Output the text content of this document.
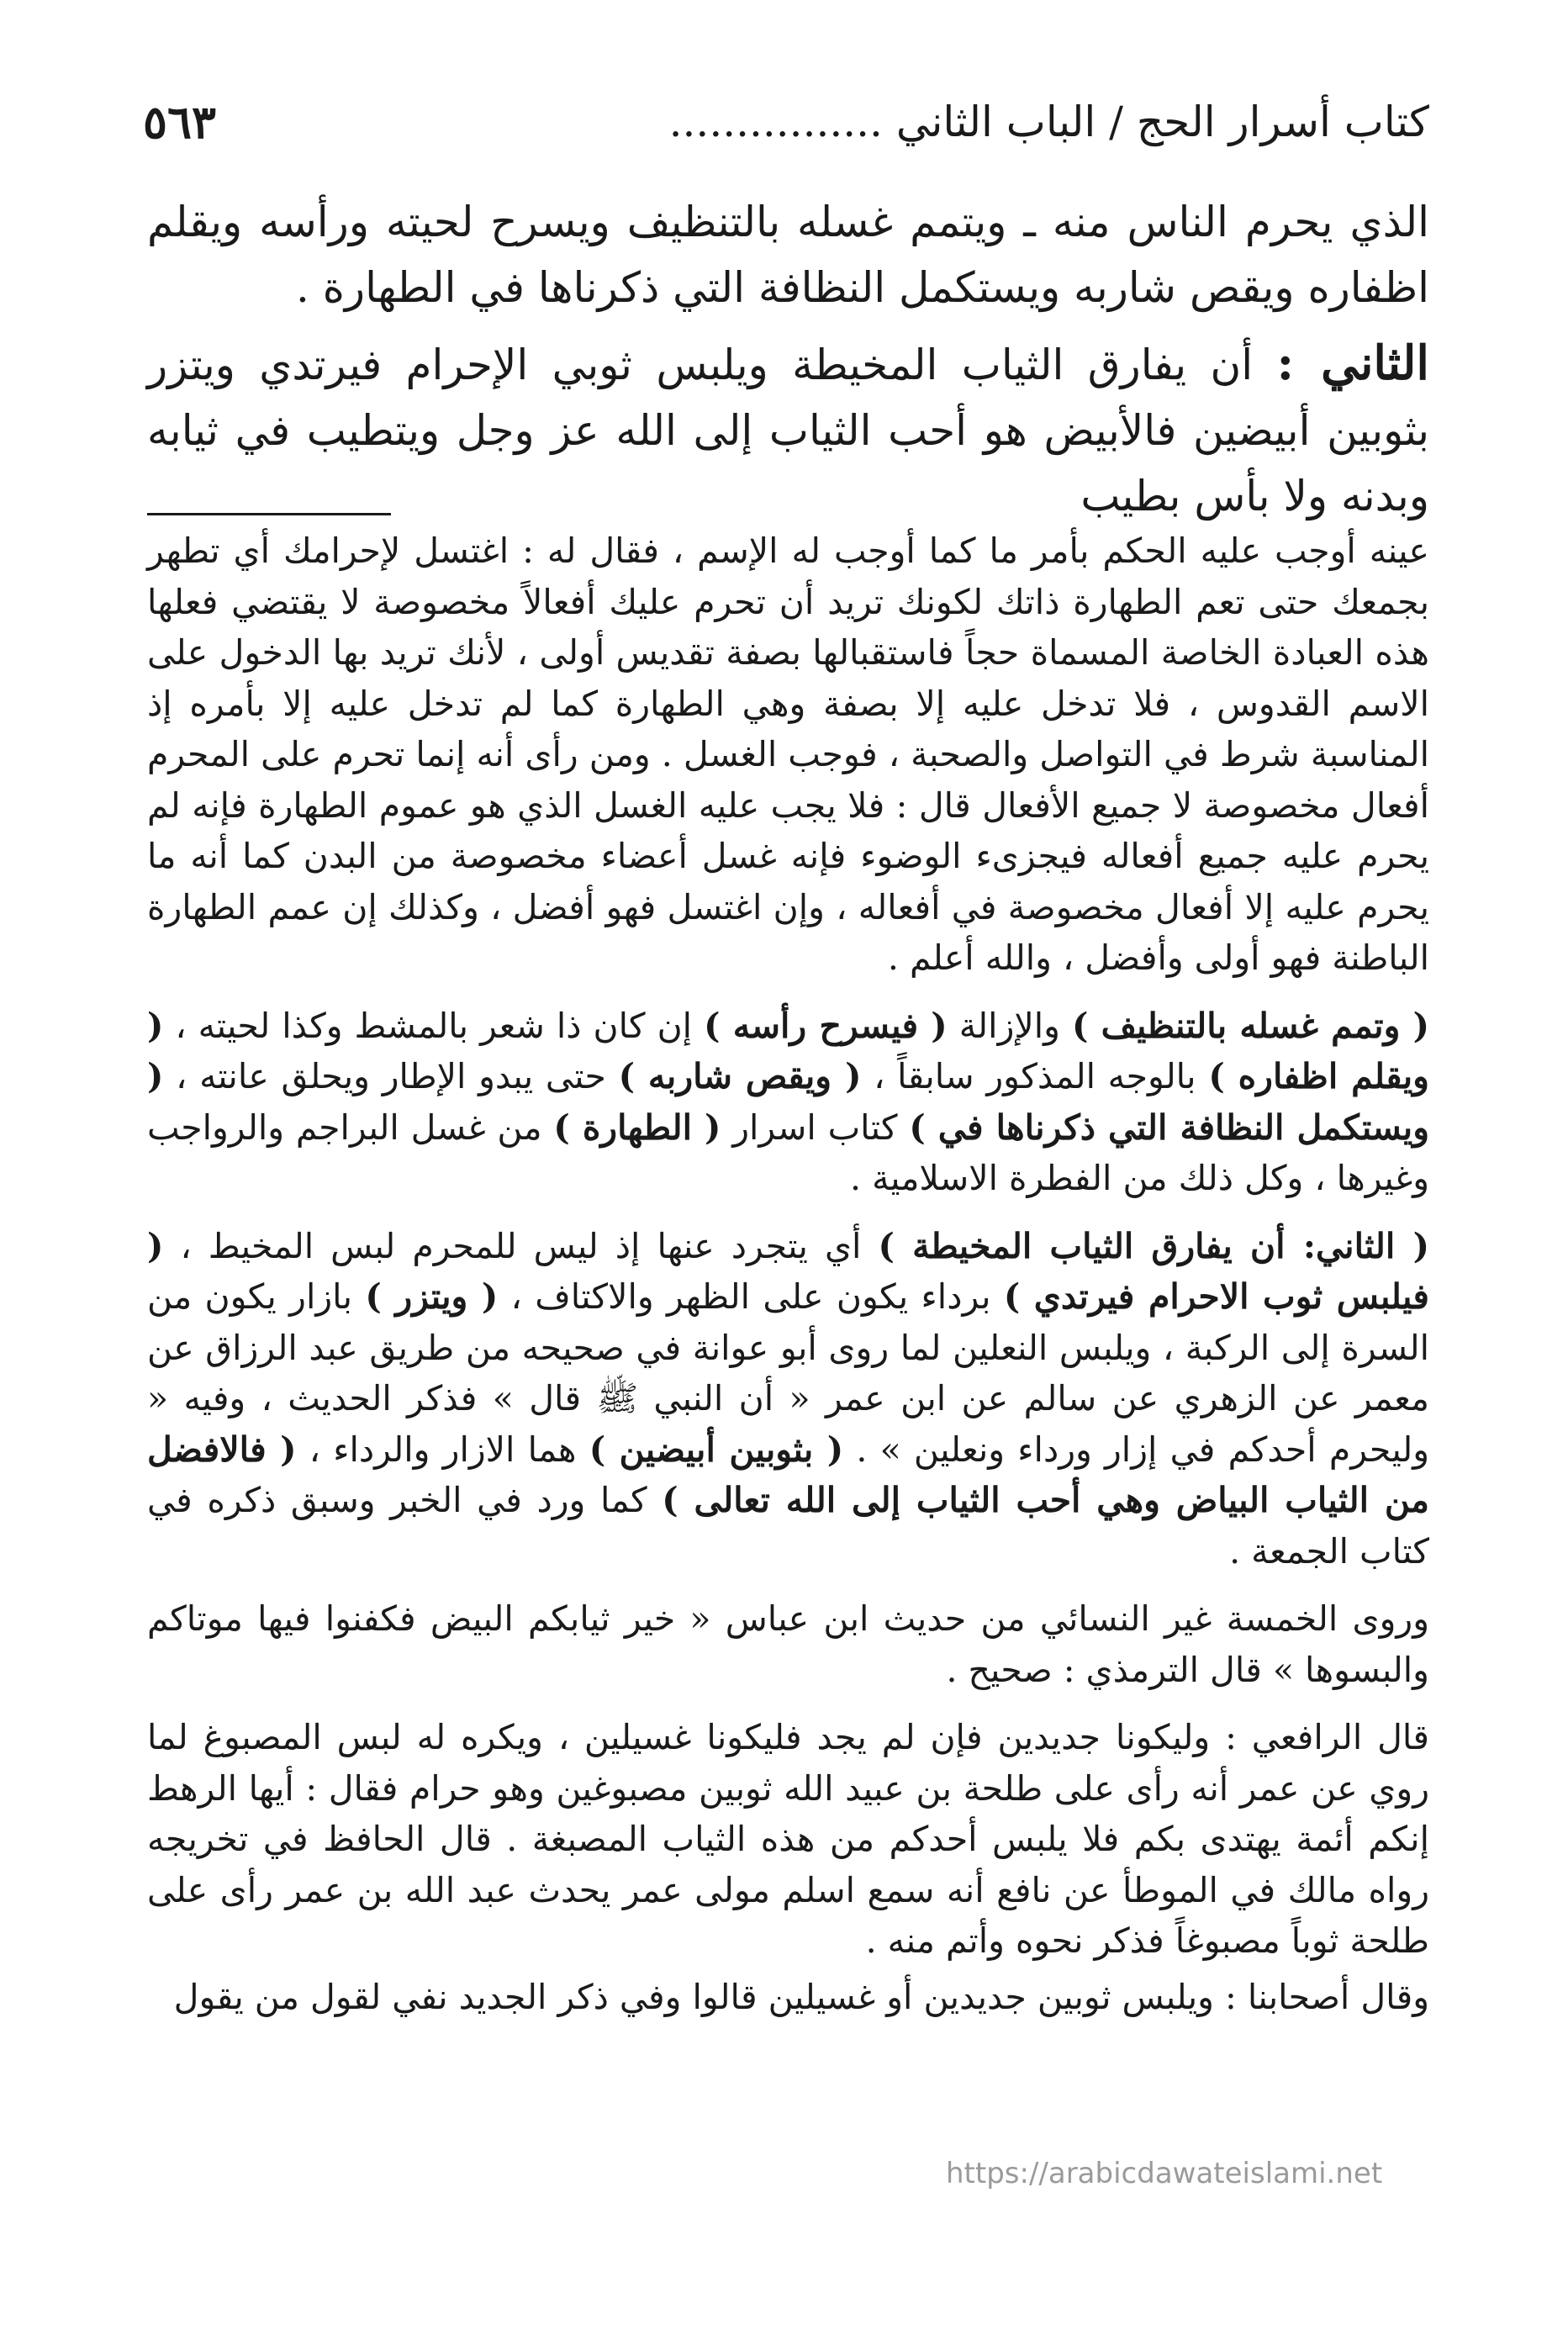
كتاب أسرار الحج / الباب الثاني ................
٥٦٣

الذي يحرم الناس منه ـ ويتمم غسله بالتنظيف ويسرح لحيته ورأسه ويقلم اظفاره ويقص شاربه ويستكمل النظافة التي ذكرناها في الطهارة .

الثاني : أن يفارق الثياب المخيطة ويلبس ثوبي الإحرام فيرتدي ويتزر بثوبين أبيضين فالأبيض هو أحب الثياب إلى الله عز وجل ويتطيب في ثيابه وبدنه ولا بأس بطيب

عينه أوجب عليه الحكم بأمر ما كما أوجب له الإسم ، فقال له : اغتسل لإحرامك أي تطهر بجمعك حتى تعم الطهارة ذاتك لكونك تريد أن تحرم عليك أفعالاً مخصوصة لا يقتضي فعلها هذه العبادة الخاصة المسماة حجاً فاستقبالها بصفة تقديس أولى ، لأنك تريد بها الدخول على الاسم القدوس ، فلا تدخل عليه إلا بصفة وهي الطهارة كما لم تدخل عليه إلا بأمره إذ المناسبة شرط في التواصل والصحبة ، فوجب الغسل . ومن رأى أنه إنما تحرم على المحرم أفعال مخصوصة لا جميع الأفعال قال : فلا يجب عليه الغسل الذي هو عموم الطهارة فإنه لم يحرم عليه جميع أفعاله فيجزىء الوضوء فإنه غسل أعضاء مخصوصة من البدن كما أنه ما يحرم عليه إلا أفعال مخصوصة في أفعاله ، وإن اغتسل فهو أفضل ، وكذلك إن عمم الطهارة الباطنة فهو أولى وأفضل ، والله أعلم .

( وتمم غسله بالتنظيف ) والإزالة ( فيسرح رأسه ) إن كان ذا شعر بالمشط وكذا لحيته ، ( ويقلم اظفاره ) بالوجه المذكور سابقاً ، ( ويقص شاربه ) حتى يبدو الإطار ويحلق عانته ، ( ويستكمل النظافة التي ذكرناها في ) كتاب اسرار ( الطهارة ) من غسل البراجم والرواجب وغيرها ، وكل ذلك من الفطرة الاسلامية .

( الثاني: أن يفارق الثياب المخيطة ) أي يتجرد عنها إذ ليس للمحرم لبس المخيط ، ( فيلبس ثوب الاحرام فيرتدي ) برداء يكون على الظهر والاكتاف ، ( ويتزر ) بازار يكون من السرة إلى الركبة ، ويلبس النعلين لما روى أبو عوانة في صحيحه من طريق عبد الرزاق عن معمر عن الزهري عن سالم عن ابن عمر « أن النبي ﷺ قال » فذكر الحديث ، وفيه « وليحرم أحدكم في إزار ورداء ونعلين » . ( بثوبين أبيضين ) هما الازار والرداء ، ( فالافضل من الثياب البياض وهي أحب الثياب إلى الله تعالى ) كما ورد في الخبر وسبق ذكره في كتاب الجمعة .

وروى الخمسة غير النسائي من حديث ابن عباس « خير ثيابكم البيض فكفنوا فيها موتاكم والبسوها » قال الترمذي : صحيح .

قال الرافعي : وليكونا جديدين فإن لم يجد فليكونا غسيلين ، ويكره له لبس المصبوغ لما روي عن عمر أنه رأى على طلحة بن عبيد الله ثوبين مصبوغين وهو حرام فقال : أيها الرهط إنكم أئمة يهتدى بكم فلا يلبس أحدكم من هذه الثياب المصبغة . قال الحافظ في تخريجه رواه مالك في الموطأ عن نافع أنه سمع اسلم مولى عمر يحدث عبد الله بن عمر رأى على طلحة ثوباً مصبوغاً فذكر نحوه وأتم منه .

وقال أصحابنا : ويلبس ثوبين جديدين أو غسيلين قالوا وفي ذكر الجديد نفي لقول من يقول

https://arabicdawateislami.net
